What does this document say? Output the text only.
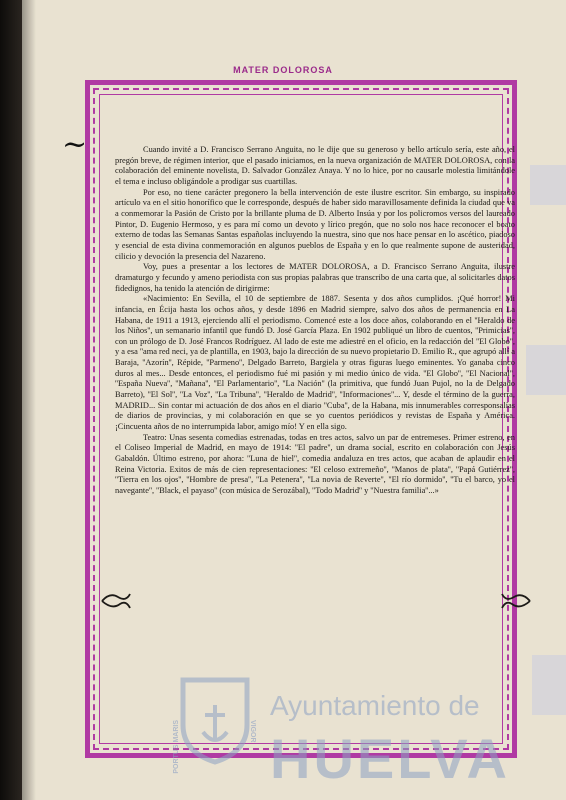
MATER DOLOROSA
~	Cuando invité a D. Francisco Serrano Anguita, no le dije que su generoso y bello artículo sería, este año, el pregón breve, de régimen interior, que el pasado iniciamos, en la nueva organización de MATER DOLOROSA, con la colaboración del eminente novelista, D. Salvador González Anaya. Y no lo hice, por no causarle molestia limitándole el tema e incluso obligándole a prodigar sus cuartillas.

Por eso, no tiene carácter pregonero la bella intervención de este ilustre escritor. Sin embargo, su inspirado artículo va en el sitio honorífico que le corresponde, después de haber sido maravillosamente definida la ciudad que va a conmemorar la Pasión de Cristo por la brillante pluma de D. Alberto Insúa y por los policromos versos del laureado Pintor, D. Eugenio Hermoso, y es para mí como un devoto y lírico pregón, que no solo nos hace reconocer el boato externo de todas las Semanas Santas españolas incluyendo la nuestra, sino que nos hace pensar en lo ascético, piadoso y esencial de esta divina conmemoración en algunos pueblos de España y en lo que realmente supone de austeridad, cilicio y devoción la presencia del Nazareno.

Voy, pues a presentar a los lectores de MATER DOLOROSA, a D. Francisco Serrano Anguita, ilustre dramaturgo y fecundo y ameno periodista con sus propias palabras que transcribo de una carta que, al solicitarles datos fidedignos, ha tenido la atención de dirigirme:

«Nacimiento: En Sevilla, el 10 de septiembre de 1887. Sesenta y dos años cumplidos. ¡Qué horror! Mi infancia, en Écija hasta los ochos años, y desde 1896 en Madrid siempre, salvo dos años de permanencia en La Habana, de 1911 a 1913, ejerciendo allí el periodismo. Comencé este a los doce años, colaborando en el ''Heraldo de los Niños'', un semanario infantil que fundó D. José García Plaza. En 1902 publiqué un libro de cuentos, ''Primicias'', con un prólogo de D. José Francos Rodríguez. Al lado de este me adiestré en el oficio, en la redacción del ''El Globo'', y a esa ''ama red neci, ya de plantilla, en 1903, bajo la dirección de su nuevo propietario D. Emilio R., que agrupó allí a Baraja, ''Azorín'', Répide, ''Parmeno'', Delgado Barreto, Bargiela y otras figuras luego eminentes. Yo ganaba cinco duros al mes... Desde entonces, el periodismo fué mi pasión y mi medio único de vida. ''El Globo'', ''El Nacional'', ''España Nueva'', ''Mañana'', ''El Parlamentario'', ''La Nación'' (la primitiva, que fundó Juan Pujol, no la de Delgado Barreto), ''El Sol'', ''La Voz'', ''La Tribuna'', ''Heraldo de Madrid'', ''Informaciones''... Y, desde el término de la guerra, MADRID... Sin contar mi actuación de dos años en el diario ''Cuba'', de la Habana, mis innumerables corresponsalías de diarios de provincias, y mi colaboración en que se yo cuentos periódicos y revistas de España y América. ¡Cincuenta años de no interrumpida labor, amigo mío! Y en ella sigo.

Teatro: Unas sesenta comedias estrenadas, todas en tres actos, salvo un par de entremeses. Primer estreno, en el Coliseo Imperial de Madrid, en mayo de 1914: ''El padre'', un drama social, escrito en colaboración con Jesús Gabaldón. Último estreno, por ahora: ''Luna de hiel'', comedia andaluza en tres actos, que acaban de aplaudir en el Reina Victoria. Exitos de más de cien representaciones: ''El celoso extremeño'', ''Manos de plata'', ''Papá Gutiérrez'', ''Tierra en los ojos'', ''Hombre de presa'', ''La Petenera'', ''La novia de Reverte'', ''El río dormido'', ''Tu el barco, yo el navegante'', ''Black, el payaso'' (con música de Serozábal), ''Todo Madrid'' y ''Nuestra familia''...»

PORTUS MARIS	VIGOR
Ayuntamiento de
HUELVA
